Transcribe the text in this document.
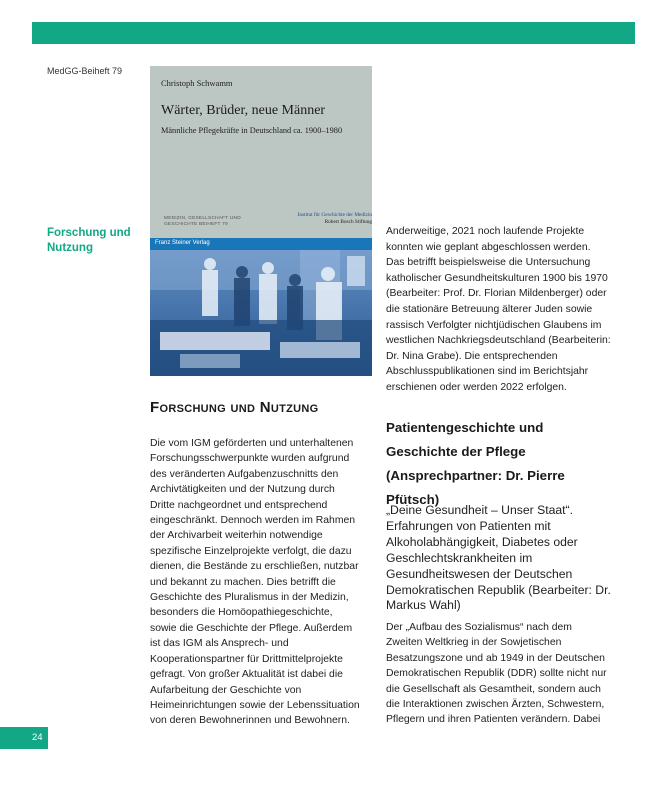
MedGG-Beiheft 79
Forschung und Nutzung
Christoph Schwamm
Wärter, Brüder, neue Männer
Männliche Pflegekräfte in Deutschland ca. 1900–1980
MEDIZIN, GESELLSCHAFT UND GESCHICHTE BEIHEFT 79
Institut für Geschichte der Medizin
Robert Bosch Stiftung
Franz Steiner Verlag
Forschung und Nutzung

Die vom IGM geförderten und unterhaltenen Forschungsschwerpunkte wurden aufgrund des veränderten Aufgabenzuschnitts den Archivtätigkeiten und der Nutzung durch Dritte nachgeordnet und entsprechend eingeschränkt. Dennoch werden im Rahmen der Archivarbeit weiterhin notwendige spezifische Einzelprojekte verfolgt, die dazu dienen, die Bestände zu erschließen, nutzbar und bekannt zu machen. Dies betrifft die Geschichte des Pluralismus in der Medizin, besonders die Homöopathiegeschichte, sowie die Geschichte der Pflege. Außerdem ist das IGM als Ansprech- und Kooperationspartner für Drittmittelprojekte gefragt. Von großer Aktualität ist dabei die Aufarbeitung der Geschichte von Heimeinrichtungen sowie der Lebenssituation von deren Bewohnerinnen und Bewohnern.

Anderweitige, 2021 noch laufende Projekte konnten wie geplant abgeschlossen werden. Das betrifft beispielsweise die Untersuchung katholischer Gesundheitskulturen 1900 bis 1970 (Bearbeiter: Prof. Dr. Florian Mildenberger) oder die stationäre Betreuung älterer Juden sowie rassisch Verfolgter nichtjüdischen Glaubens im westlichen Nachkriegsdeutschland (Bearbeiterin: Dr. Nina Grabe). Die entsprechenden Abschlusspublikationen sind im Berichtsjahr erschienen oder werden 2022 erfolgen.

Patientengeschichte und Geschichte der Pflege (Ansprechpartner: Dr. Pierre Pfütsch)
„Deine Gesundheit – Unser Staat“. Erfahrungen von Patienten mit Alkoholabhängigkeit, Diabetes oder Geschlechtskrankheiten im Gesundheitswesen der Deutschen Demokratischen Republik (Bearbeiter: Dr. Markus Wahl)

Der „Aufbau des Sozialismus“ nach dem Zweiten Weltkrieg in der Sowjetischen Besatzungszone und ab 1949 in der Deutschen Demokratischen Republik (DDR) sollte nicht nur die Gesellschaft als Gesamtheit, sondern auch die Interaktionen zwischen Ärzten, Schwestern, Pflegern und ihren Patienten verändern. Dabei

24
